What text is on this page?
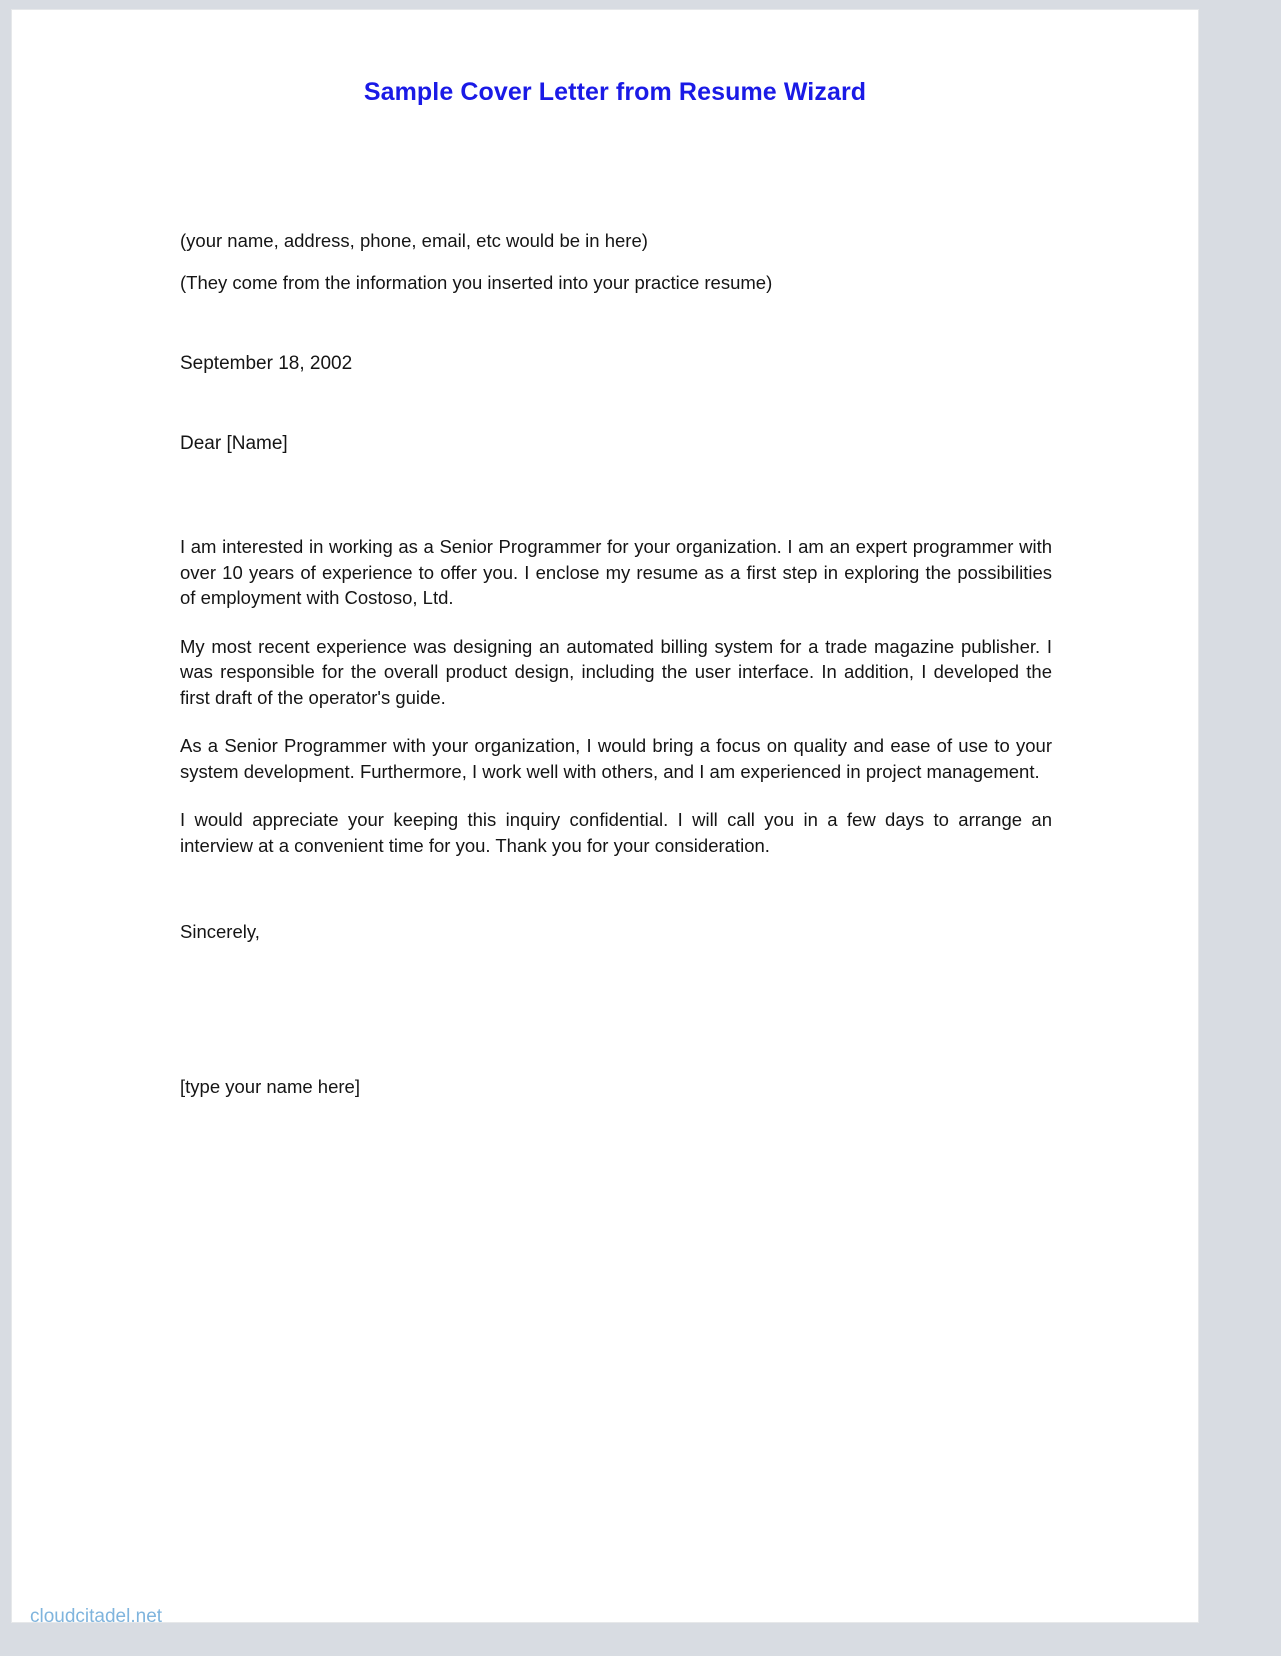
Sample Cover Letter from Resume Wizard

(your name, address, phone, email, etc would be in here)

(They come from the information you inserted into your practice resume)

September 18, 2002

Dear [Name]

I am interested in working as a Senior Programmer for your organization. I am an expert programmer with over 10 years of experience to offer you. I enclose my resume as a first step in exploring the possibilities of employment with Costoso, Ltd.

My most recent experience was designing an automated billing system for a trade magazine publisher. I was responsible for the overall product design, including the user interface. In addition, I developed the first draft of the operator's guide.

As a Senior Programmer with your organization, I would bring a focus on quality and ease of use to your system development. Furthermore, I work well with others, and I am experienced in project management.

I would appreciate your keeping this inquiry confidential. I will call you in a few days to arrange an interview at a convenient time for you. Thank you for your consideration.

Sincerely,

[type your name here]

cloudcitadel.net
